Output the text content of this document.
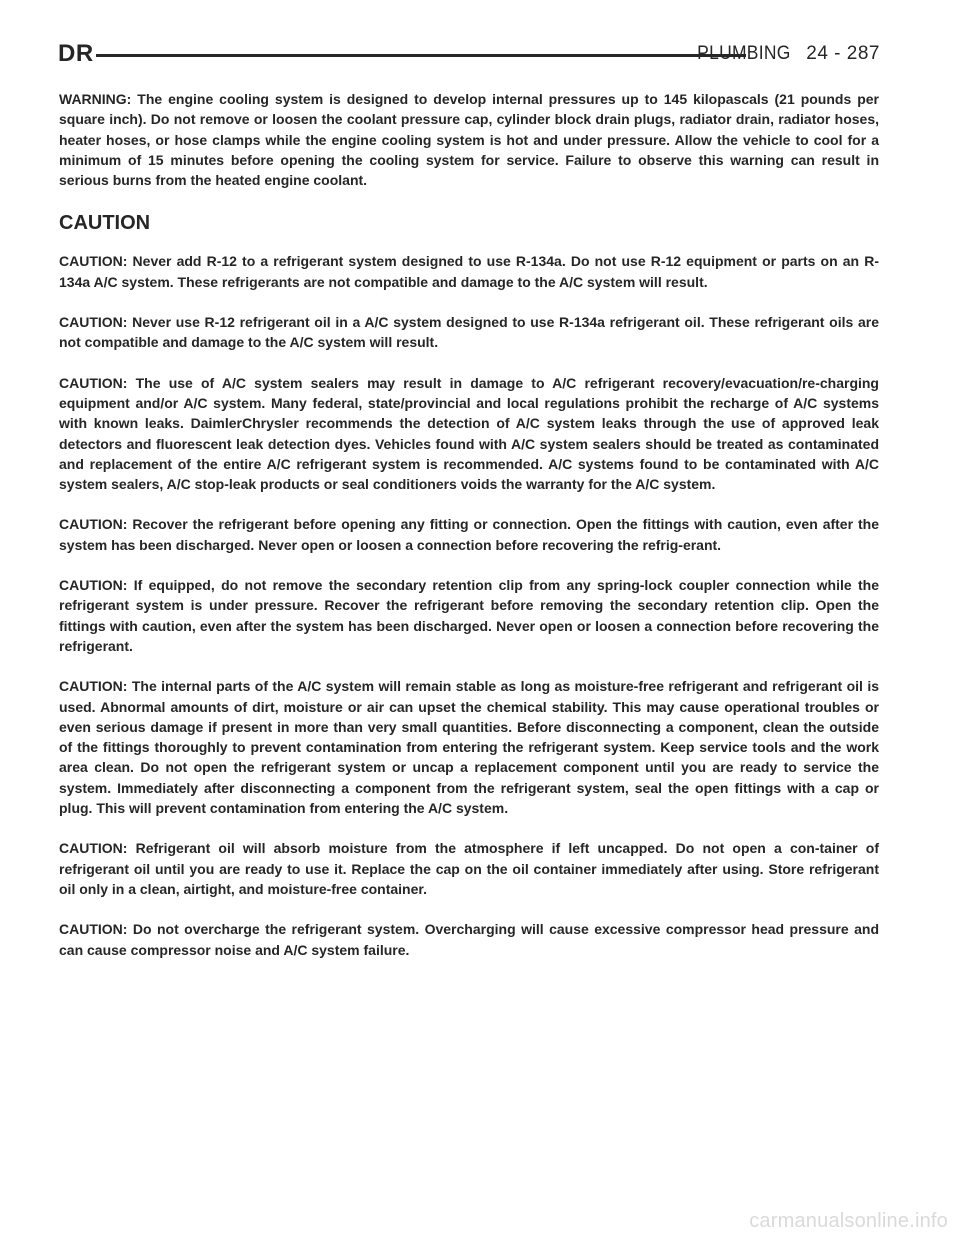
DR	PLUMBING 24 - 287

WARNING: The engine cooling system is designed to develop internal pressures up to 145 kilopascals (21 pounds per square inch). Do not remove or loosen the coolant pressure cap, cylinder block drain plugs, radiator drain, radiator hoses, heater hoses, or hose clamps while the engine cooling system is hot and under pressure. Allow the vehicle to cool for a minimum of 15 minutes before opening the cooling system for service. Failure to observe this warning can result in serious burns from the heated engine coolant.

CAUTION

CAUTION: Never add R-12 to a refrigerant system designed to use R-134a. Do not use R-12 equipment or parts on an R-134a A/C system. These refrigerants are not compatible and damage to the A/C system will result.

CAUTION: Never use R-12 refrigerant oil in a A/C system designed to use R-134a refrigerant oil. These refrigerant oils are not compatible and damage to the A/C system will result.

CAUTION: The use of A/C system sealers may result in damage to A/C refrigerant recovery/evacuation/re-charging equipment and/or A/C system. Many federal, state/provincial and local regulations prohibit the recharge of A/C systems with known leaks. DaimlerChrysler recommends the detection of A/C system leaks through the use of approved leak detectors and fluorescent leak detection dyes. Vehicles found with A/C system sealers should be treated as contaminated and replacement of the entire A/C refrigerant system is recommended. A/C systems found to be contaminated with A/C system sealers, A/C stop-leak products or seal conditioners voids the warranty for the A/C system.

CAUTION: Recover the refrigerant before opening any fitting or connection. Open the fittings with caution, even after the system has been discharged. Never open or loosen a connection before recovering the refrig-erant.

CAUTION: If equipped, do not remove the secondary retention clip from any spring-lock coupler connection while the refrigerant system is under pressure. Recover the refrigerant before removing the secondary retention clip. Open the fittings with caution, even after the system has been discharged. Never open or loosen a connection before recovering the refrigerant.

CAUTION: The internal parts of the A/C system will remain stable as long as moisture-free refrigerant and refrigerant oil is used. Abnormal amounts of dirt, moisture or air can upset the chemical stability. This may cause operational troubles or even serious damage if present in more than very small quantities. Before disconnecting a component, clean the outside of the fittings thoroughly to prevent contamination from entering the refrigerant system. Keep service tools and the work area clean. Do not open the refrigerant system or uncap a replacement component until you are ready to service the system. Immediately after disconnecting a component from the refrigerant system, seal the open fittings with a cap or plug. This will prevent contamination from entering the A/C system.

CAUTION: Refrigerant oil will absorb moisture from the atmosphere if left uncapped. Do not open a con-tainer of refrigerant oil until you are ready to use it. Replace the cap on the oil container immediately after using. Store refrigerant oil only in a clean, airtight, and moisture-free container.

CAUTION: Do not overcharge the refrigerant system. Overcharging will cause excessive compressor head pressure and can cause compressor noise and A/C system failure.

carmanualsonline.info
